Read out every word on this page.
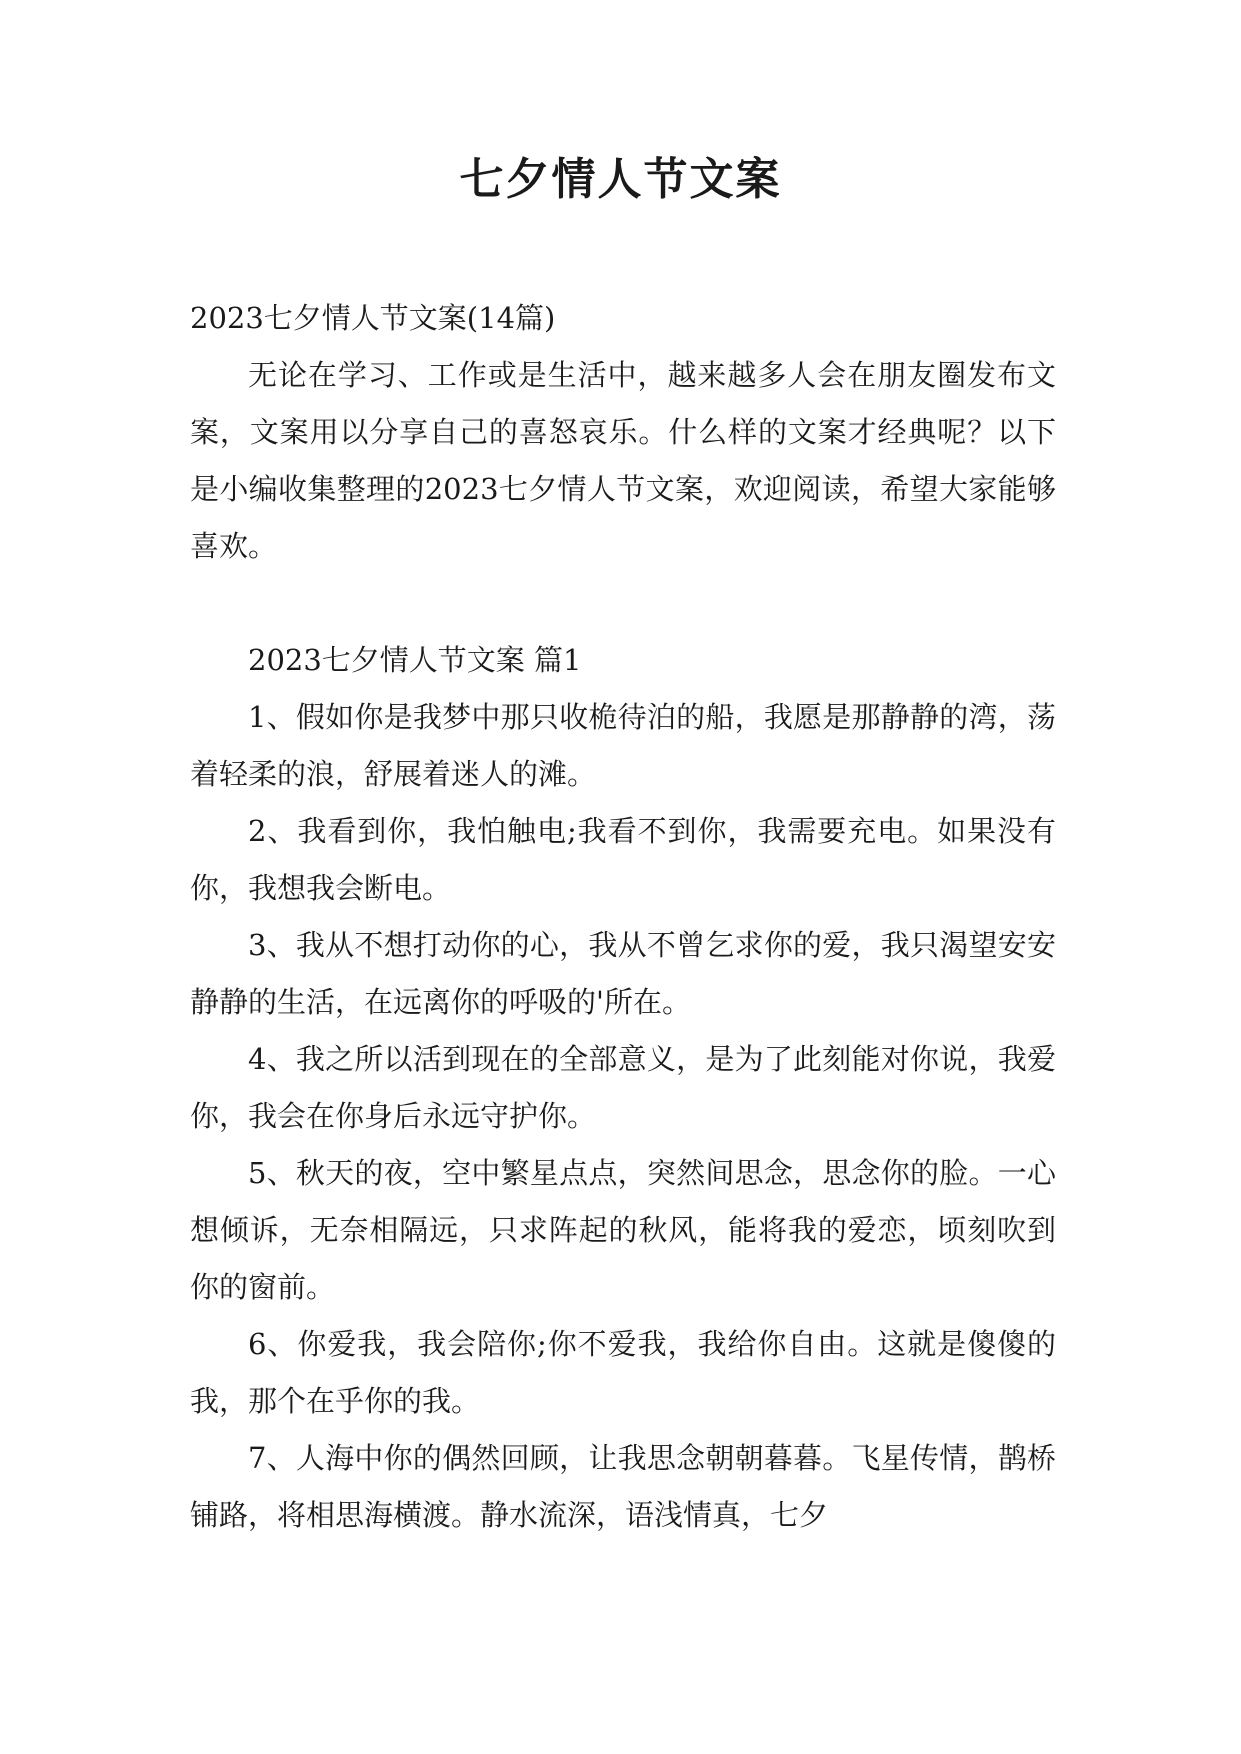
七夕情人节文案

2023七夕情人节文案(14篇)

无论在学习、工作或是生活中，越来越多人会在朋友圈发布文案，文案用以分享自己的喜怒哀乐。什么样的文案才经典呢？以下是小编收集整理的2023七夕情人节文案，欢迎阅读，希望大家能够喜欢。

2023七夕情人节文案 篇1

1、假如你是我梦中那只收桅待泊的船，我愿是那静静的湾，荡着轻柔的浪，舒展着迷人的滩。

2、我看到你，我怕触电;我看不到你，我需要充电。如果没有你，我想我会断电。

3、我从不想打动你的心，我从不曾乞求你的爱，我只渴望安安静静的生活，在远离你的呼吸的'所在。

4、我之所以活到现在的全部意义，是为了此刻能对你说，我爱你，我会在你身后永远守护你。

5、秋天的夜，空中繁星点点，突然间思念，思念你的脸。一心想倾诉，无奈相隔远，只求阵起的秋风，能将我的爱恋，顷刻吹到你的窗前。

6、你爱我，我会陪你;你不爱我，我给你自由。这就是傻傻的我，那个在乎你的我。

7、人海中你的偶然回顾，让我思念朝朝暮暮。飞星传情，鹊桥铺路，将相思海横渡。静水流深，语浅情真，七夕
